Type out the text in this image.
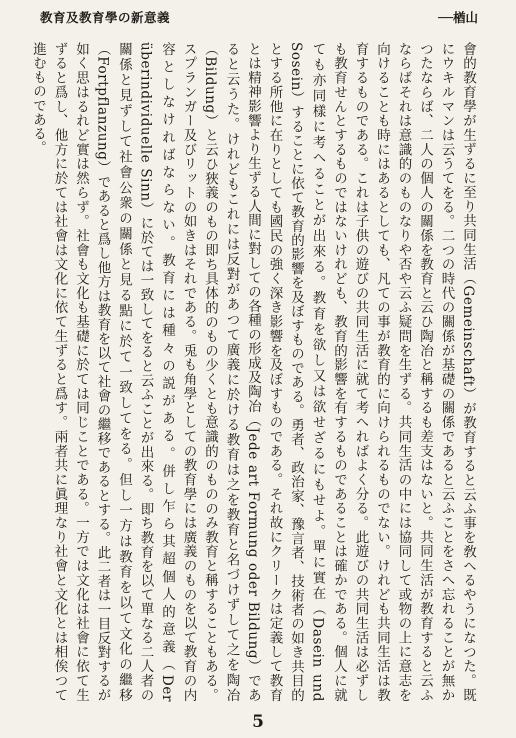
教育及教育學の新意義	──楢山

會的教育學が生ずるに至り共同生活（Gemeinschaft）が教育すると云ふ事を敎へるやうになつた。既にウキルマンは云うてをる。二つの時代の關係が基礎の關係であると云ふことをさへ忘れることが無かつたならば、二人の個人の關係を教育と云ひ陶冶と稱するも差支はないと。共同生活が教育すると云ふならばそれは意識的のものなりや否や云ふ疑問を生ずる。共同生活の中には協同して或物の上に意志を向けることも時にはあるとしても、凡ての事が教育的に向けられるものでない。けれども共同生活は教育するものである。これは子供の遊びの共同生活に就て考へればよく分る。此遊びの共同生活は必ずしも教育せんとするものではないけれども、教育的影響を有するものであることは確かである。個人に就ても亦同樣に考へることが出來る。教育を欲し又は欲せざるにもせよ。單に實在（Dasein und Sosein）することに依て教育的影響を及ぼすものである。勇者、政治家、豫言者、技術者の如き共目的とする所他に在りとしても國民の強く深き影響を及ぼすものである。それ故にクリークは定義して教育とは精神影響より生ずる人間に對しての各種の形成及陶冶（Jede art Formung oder Bildung）であると云うた。けれどもこれには反對があつて廣義に於ける教育は之を教育と名づけずして之を陶冶（Bildung）と云ひ狹義のもの即ち具体的のもの少くとも意識的のもののみ教育と稱することもある。スプランガー及びリットの如きはそれである。兎も角學としての教育學には廣義のものを以て教育の内容としなければならない。教育には種々の説がある。併し乍ら其超個人的意義（Der überindividuelle Sinn）に於ては一致してをると云ふことが出來る。即ち教育を以て單なる二人者の關係と見ずして社會公衆の關係と見る點に於て一致してをる。但し一方は教育を以て文化の繼移（Fortpflanzung）であると爲し他方は教育を以て社會の繼移であるとする。此二者は一目反對するが如く思はるれど實は然らず。社會も文化も基礎に於ては同じことである。一方では文化は社會に依て生ずると爲し、他方に於ては社會は文化に依て生ずると爲す。兩者共に眞理なり社會と文化とは相俟つて進むものである。

5
